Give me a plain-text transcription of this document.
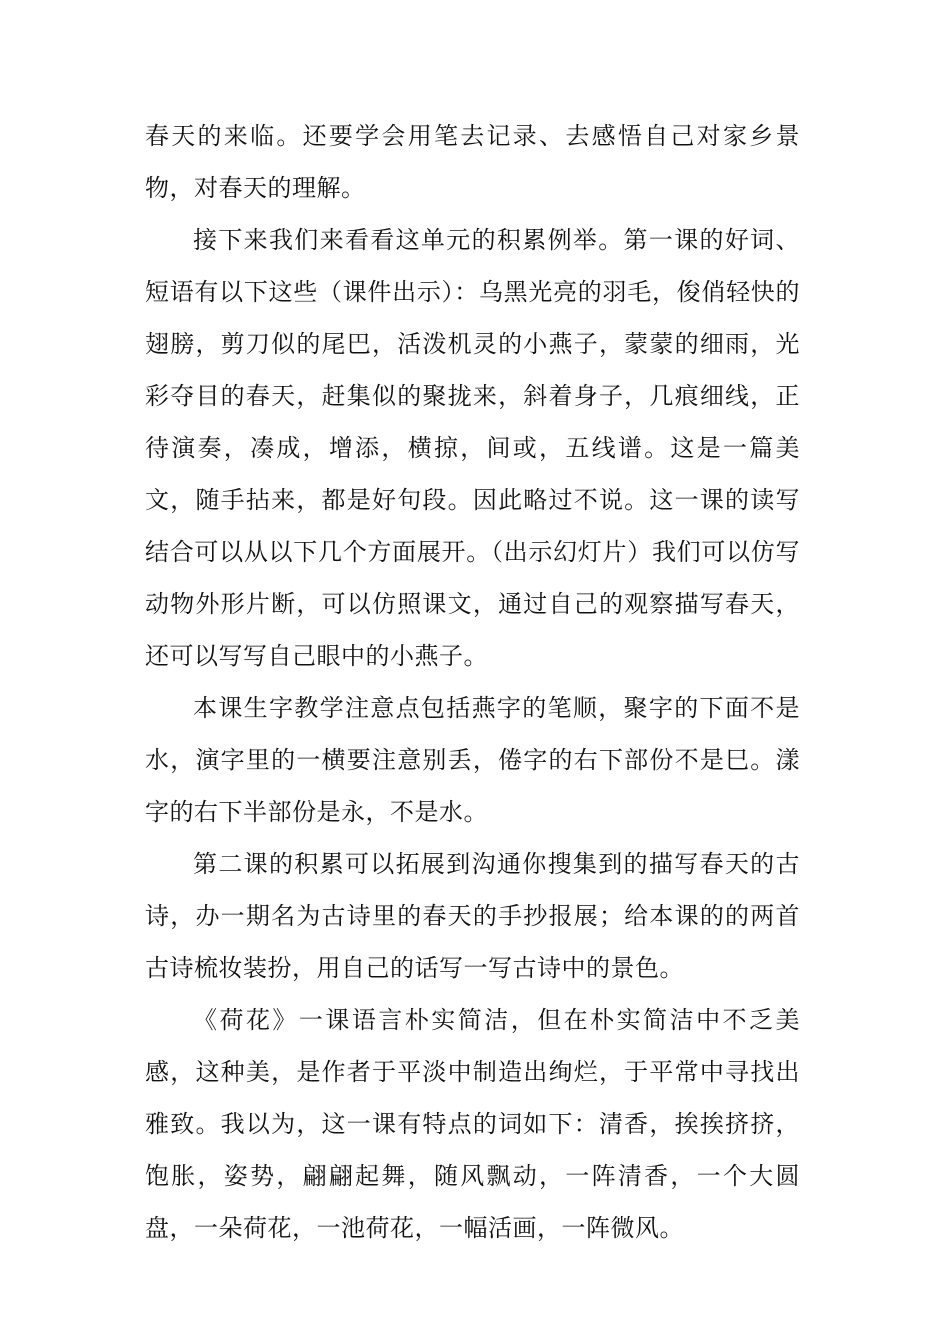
春天的来临。还要学会用笔去记录、去感悟自己对家乡景物，对春天的理解。

接下来我们来看看这单元的积累例举。第一课的好词、短语有以下这些（课件出示）：乌黑光亮的羽毛，俊俏轻快的翅膀，剪刀似的尾巴，活泼机灵的小燕子，蒙蒙的细雨，光彩夺目的春天，赶集似的聚拢来，斜着身子，几痕细线，正待演奏，凑成，增添，横掠，间或，五线谱。这是一篇美文，随手拈来，都是好句段。因此略过不说。这一课的读写结合可以从以下几个方面展开。（出示幻灯片）我们可以仿写动物外形片断，可以仿照课文，通过自己的观察描写春天，还可以写写自己眼中的小燕子。

本课生字教学注意点包括燕字的笔顺，聚字的下面不是水，演字里的一横要注意别丢，倦字的右下部份不是巳。漾字的右下半部份是永，不是水。

第二课的积累可以拓展到沟通你搜集到的描写春天的古诗，办一期名为古诗里的春天的手抄报展；给本课的的两首古诗梳妆装扮，用自己的话写一写古诗中的景色。

《荷花》一课语言朴实简洁，但在朴实简洁中不乏美感，这种美，是作者于平淡中制造出绚烂，于平常中寻找出雅致。我以为，这一课有特点的词如下：清香，挨挨挤挤，饱胀，姿势，翩翩起舞，随风飘动，一阵清香，一个大圆盘，一朵荷花，一池荷花，一幅活画，一阵微风。
